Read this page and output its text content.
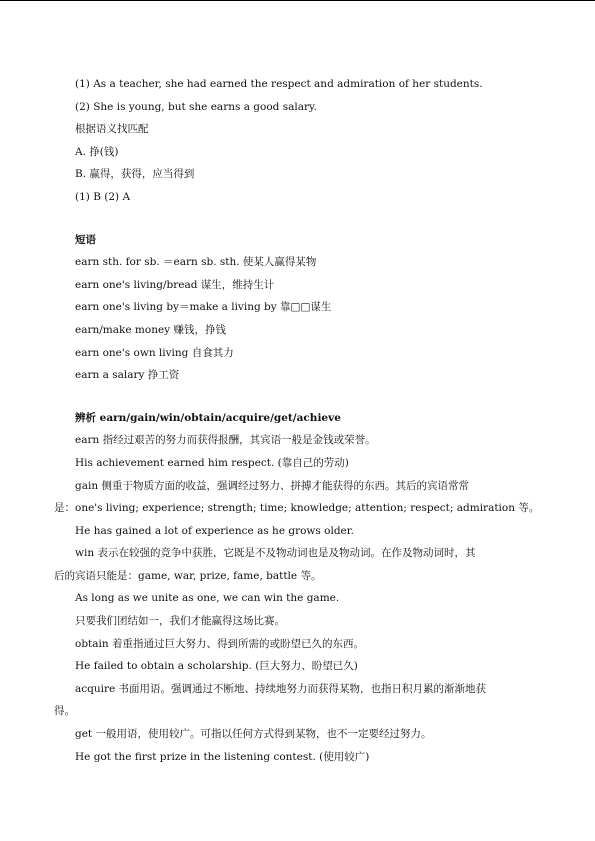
(1) As a teacher, she had earned the respect and admiration of her students.
(2) She is young, but she earns a good salary.
根据语义找匹配
A. 挣(钱)
B. 赢得，获得，应当得到
(1) B (2) A
短语
earn sth. for sb. ＝earn sb. sth. 使某人赢得某物
earn one's living/bread 谋生，维持生计
earn one's living by＝make a living by 靠□□谋生
earn/make money 赚钱，挣钱
earn one's own living 自食其力
earn a salary 挣工资
辨析 earn/gain/win/obtain/acquire/get/achieve
earn 指经过艰苦的努力而获得报酬，其宾语一般是金钱或荣誉。
His achievement earned him respect. (靠自己的劳动)
gain 侧重于物质方面的收益，强调经过努力、拼搏才能获得的东西。其后的宾语常常
是：one's living; experience; strength; time; knowledge; attention; respect; admiration 等。
He has gained a lot of experience as he grows older.
win 表示在较强的竞争中获胜，它既是不及物动词也是及物动词。在作及物动词时，其
后的宾语只能是：game, war, prize, fame, battle 等。
As long as we unite as one, we can win the game.
只要我们团结如一，我们才能赢得这场比赛。
obtain 着重指通过巨大努力、得到所需的或盼望已久的东西。
He failed to obtain a scholarship. (巨大努力、盼望已久)
acquire 书面用语。强调通过不断地、持续地努力而获得某物，也指日积月累的渐渐地获
得。
get 一般用语，使用较广。可指以任何方式得到某物，也不一定要经过努力。
He got the first prize in the listening contest. (使用较广)
